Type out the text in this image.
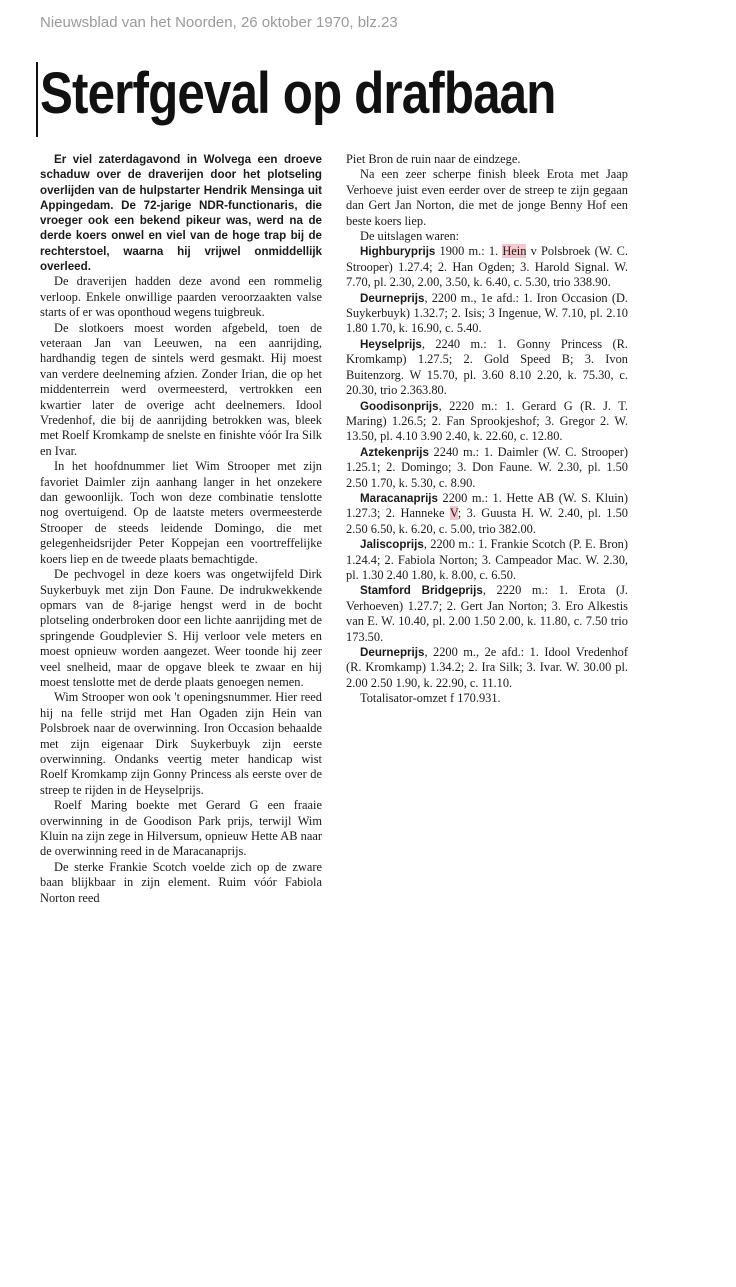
Nieuwsblad van het Noorden, 26 oktober 1970, blz.23
Sterfgeval op drafbaan

Er viel zaterdagavond in Wolvega een droeve schaduw over de draverijen door het plotseling overlijden van de hulpstarter Hendrik Mensinga uit Appingedam. De 72-jarige NDR-functionaris, die vroeger ook een bekend pikeur was, werd na de derde koers onwel en viel van de hoge trap bij de rechterstoel, waarna hij vrijwel onmiddellijk overleed.

De draverijen hadden deze avond een rommelig verloop. Enkele onwillige paarden veroorzaakten valse starts of er was oponthoud wegens tuigbreuk.

De slotkoers moest worden afgebeld, toen de veteraan Jan van Leeuwen, na een aanrijding, hardhandig tegen de sintels werd gesmakt. Hij moest van verdere deelneming afzien. Zonder Irian, die op het middenterrein werd overmeesterd, vertrokken een kwartier later de overige acht deelnemers. Idool Vredenhof, die bij de aanrijding betrokken was, bleek met Roelf Kromkamp de snelste en finishte vóór Ira Silk en Ivar.

In het hoofdnummer liet Wim Strooper met zijn favoriet Daimler zijn aanhang langer in het onzekere dan gewoonlijk. Toch won deze combinatie tenslotte nog overtuigend. Op de laatste meters overmeesterde Strooper de steeds leidende Domingo, die met gelegenheidsrijder Peter Koppejan een voortreffelijke koers liep en de tweede plaats bemachtigde.

De pechvogel in deze koers was ongetwijfeld Dirk Suykerbuyk met zijn Don Faune. De indrukwekkende opmars van de 8-jarige hengst werd in de bocht plotseling onderbroken door een lichte aanrijding met de springende Goudplevier S. Hij verloor vele meters en moest opnieuw worden aangezet. Weer toonde hij zeer veel snelheid, maar de opgave bleek te zwaar en hij moest tenslotte met de derde plaats genoegen nemen.

Wim Strooper won ook 't openingsnummer. Hier reed hij na felle strijd met Han Ogaden zijn Hein van Polsbroek naar de overwinning. Iron Occasion behaalde met zijn eigenaar Dirk Suykerbuyk zijn eerste overwinning. Ondanks veertig meter handicap wist Roelf Kromkamp zijn Gonny Princess als eerste over de streep te rijden in de Heyselprijs.

Roelf Maring boekte met Gerard G een fraaie overwinning in de Goodison Park prijs, terwijl Wim Kluin na zijn zege in Hilversum, opnieuw Hette AB naar de overwinning reed in de Maracanaprijs.

De sterke Frankie Scotch voelde zich op de zware baan blijkbaar in zijn element. Ruim vóór Fabiola Norton reed

Piet Bron de ruin naar de eindzege.

Na een zeer scherpe finish bleek Erota met Jaap Verhoeve juist even eerder over de streep te zijn gegaan dan Gert Jan Norton, die met de jonge Benny Hof een beste koers liep.

De uitslagen waren:

Highburyprijs 1900 m.: 1. Hein v Polsbroek (W. C. Strooper) 1.27.4; 2. Han Ogden; 3. Harold Signal. W. 7.70, pl. 2.30, 2.00, 3.50, k. 6.40, c. 5.30, trio 338.90.

Deurneprijs, 2200 m., 1e afd.: 1. Iron Occasion (D. Suykerbuyk) 1.32.7; 2. Isis; 3 Ingenue, W. 7.10, pl. 2.10 1.80 1.70, k. 16.90, c. 5.40.

Heyselprijs, 2240 m.: 1. Gonny Princess (R. Kromkamp) 1.27.5; 2. Gold Speed B; 3. Ivon Buitenzorg. W 15.70, pl. 3.60 8.10 2.20, k. 75.30, c. 20.30, trio 2.363.80.

Goodisonprijs, 2220 m.: 1. Gerard G (R. J. T. Maring) 1.26.5; 2. Fan Sprookjeshof; 3. Gregor 2. W. 13.50, pl. 4.10 3.90 2.40, k. 22.60, c. 12.80.

Aztekenprijs 2240 m.: 1. Daimler (W. C. Strooper) 1.25.1; 2. Domingo; 3. Don Faune. W. 2.30, pl. 1.50 2.50 1.70, k. 5.30, c. 8.90.

Maracanaprijs 2200 m.: 1. Hette AB (W. S. Kluin) 1.27.3; 2. Hanneke V; 3. Guusta H. W. 2.40, pl. 1.50 2.50 6.50, k. 6.20, c. 5.00, trio 382.00.

Jaliscoprijs, 2200 m.: 1. Frankie Scotch (P. E. Bron) 1.24.4; 2. Fabiola Norton; 3. Campeador Mac. W. 2.30, pl. 1.30 2.40 1.80, k. 8.00, c. 6.50.

Stamford Bridgeprijs, 2220 m.: 1. Erota (J. Verhoeven) 1.27.7; 2. Gert Jan Norton; 3. Ero Alkestis van E. W. 10.40, pl. 2.00 1.50 2.00, k. 11.80, c. 7.50 trio 173.50.

Deurneprijs, 2200 m., 2e afd.: 1. Idool Vredenhof (R. Kromkamp) 1.34.2; 2. Ira Silk; 3. Ivar. W. 30.00 pl. 2.00 2.50 1.90, k. 22.90, c. 11.10.

Totalisator-omzet f 170.931.
